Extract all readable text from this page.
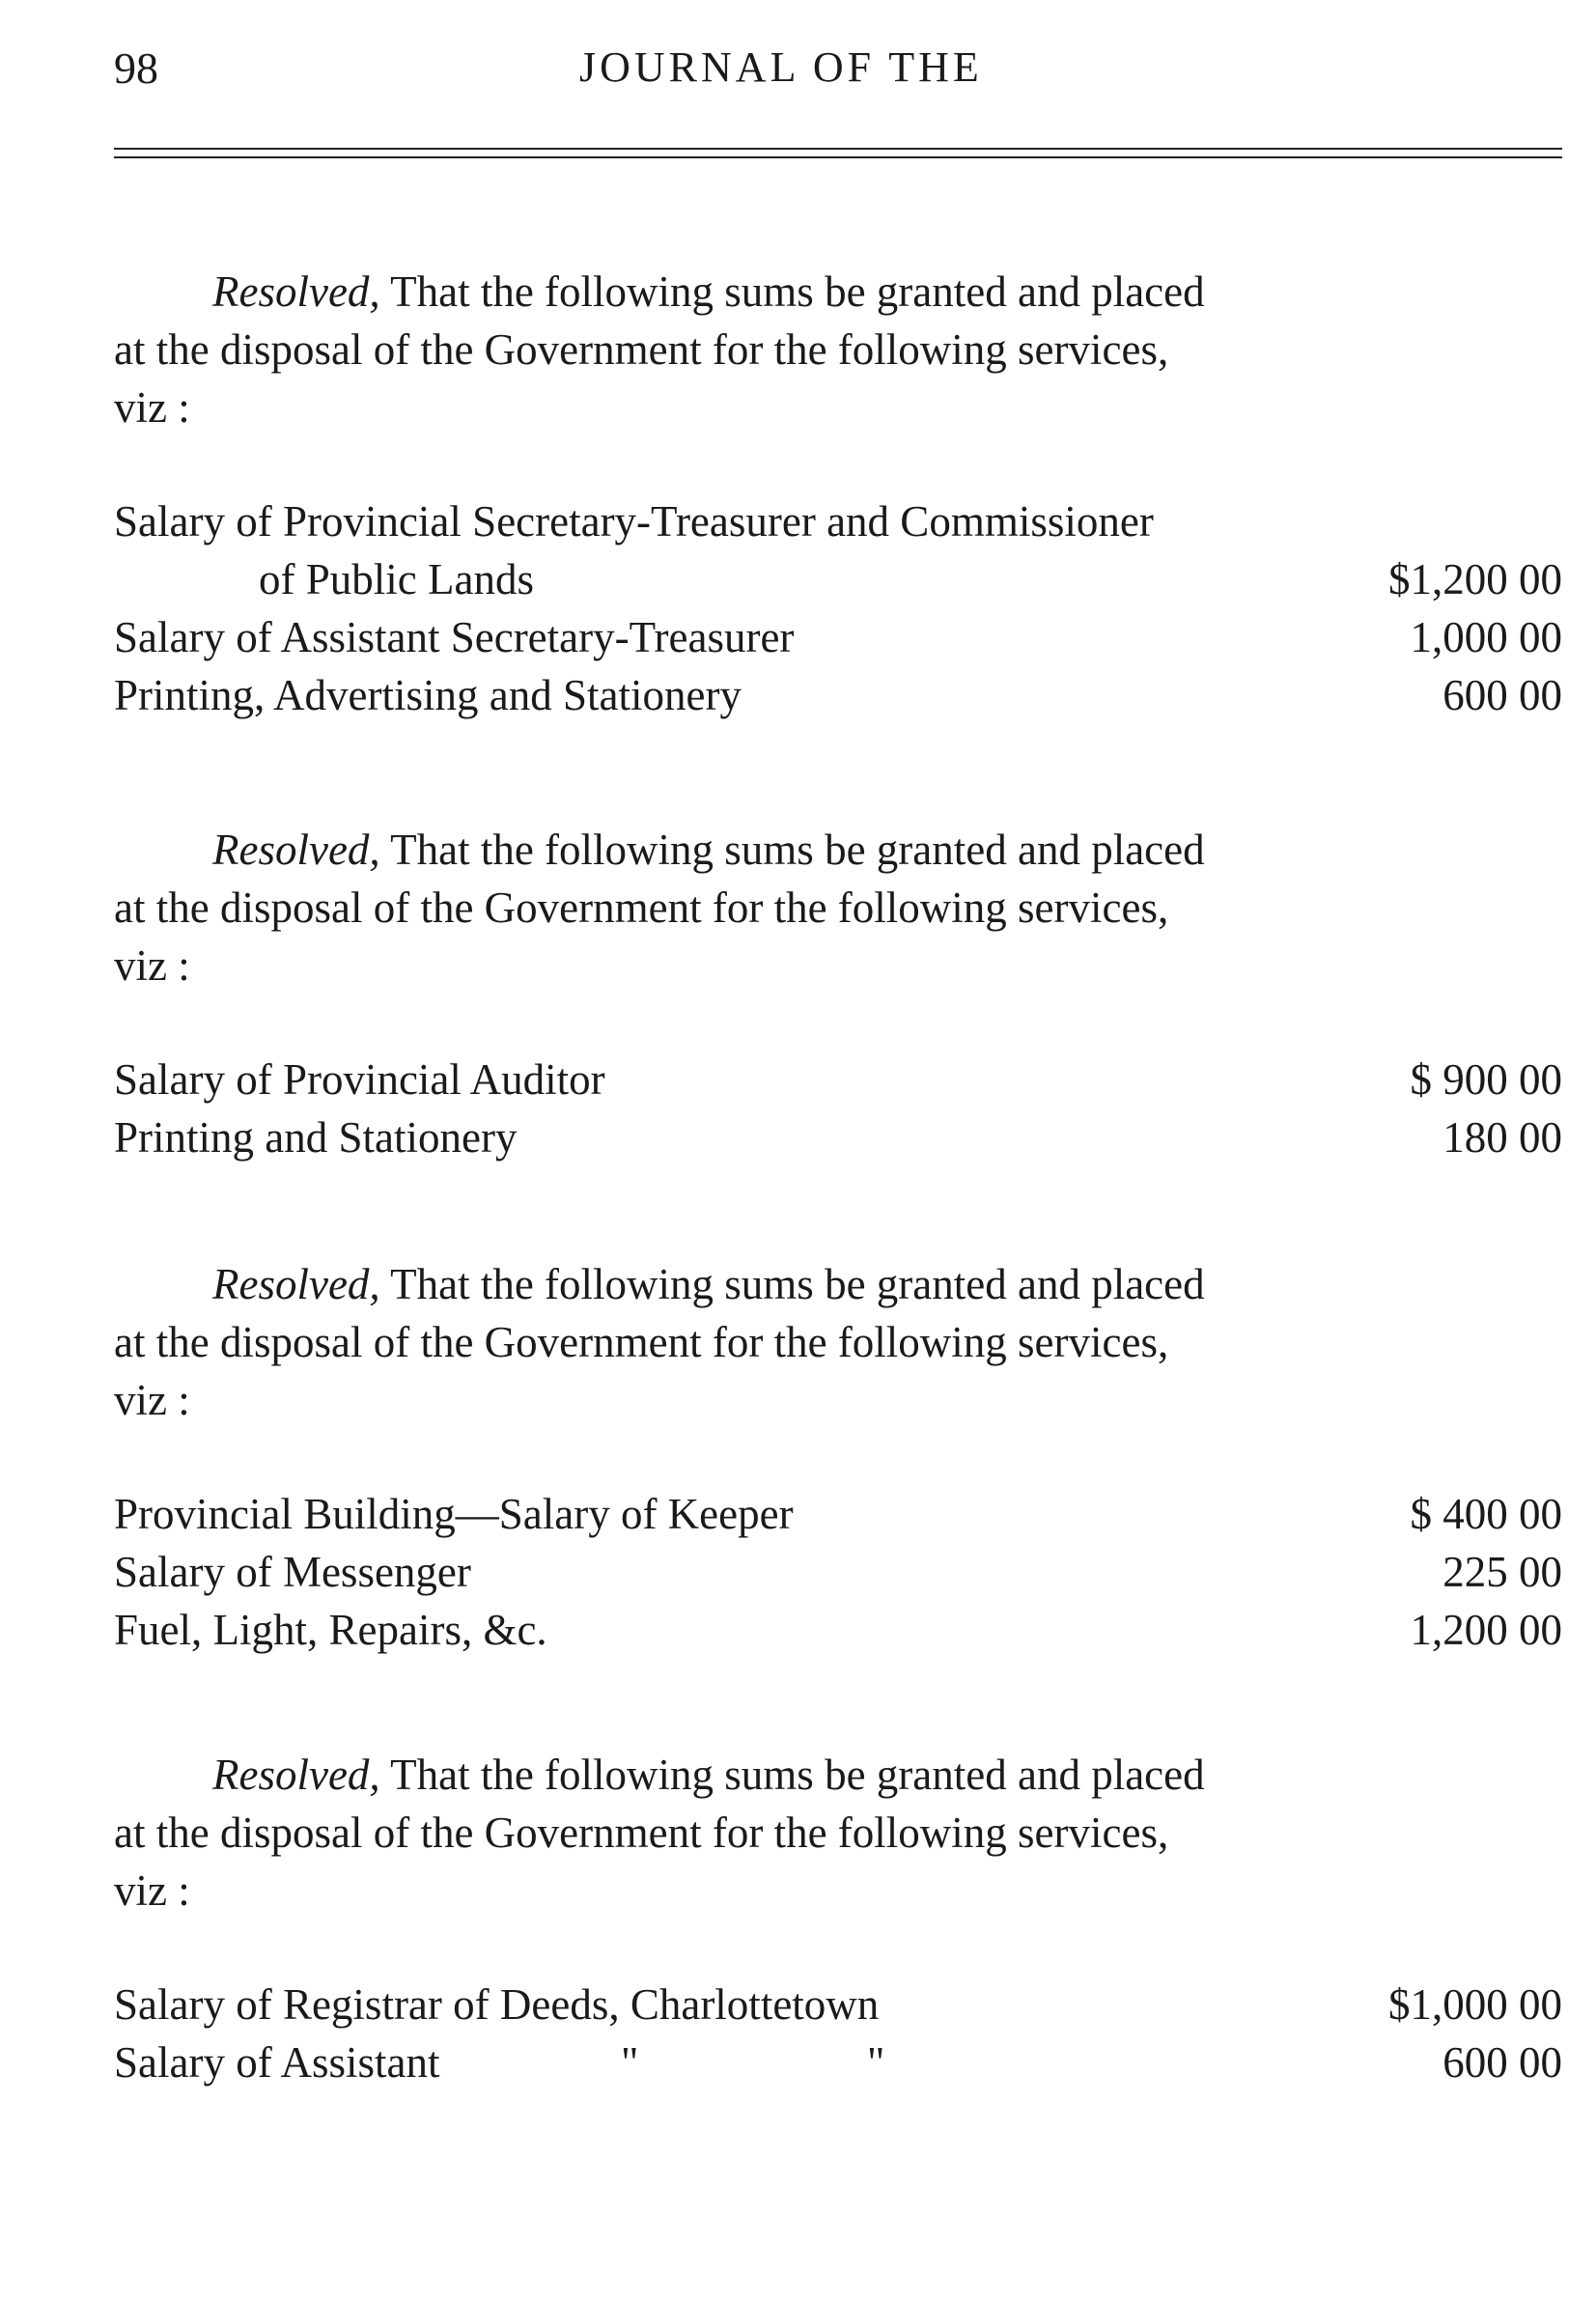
98	JOURNAL OF THE

Resolved, That the following sums be granted and placed
at the disposal of the Government for the following services,
viz :

Salary of Provincial Secretary-Treasurer and Commissioner
of Public Lands	$1,200 00
Salary of Assistant Secretary-Treasurer	1,000 00
Printing, Advertising and Stationery	600 00

Resolved, That the following sums be granted and placed
at the disposal of the Government for the following services,
viz :

Salary of Provincial Auditor	$ 900 00
Printing and Stationery	180 00

Resolved, That the following sums be granted and placed
at the disposal of the Government for the following services,
viz :

Provincial Building—Salary of Keeper	$ 400 00
Salary of Messenger	225 00
Fuel, Light, Repairs, &c.	1,200 00

Resolved, That the following sums be granted and placed
at the disposal of the Government for the following services,
viz :

Salary of Registrar of Deeds, Charlottetown	$1,000 00
Salary of Assistant	"	"	600 00
